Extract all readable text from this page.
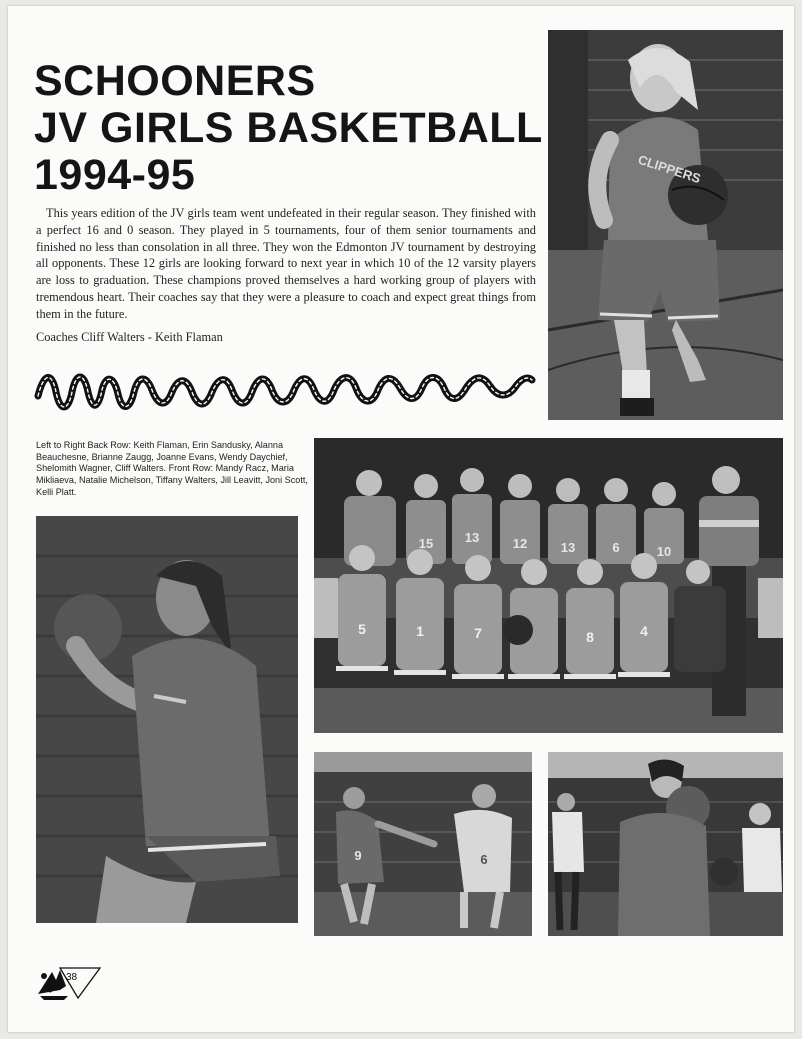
SCHOONERS
JV GIRLS BASKETBALL
1994-95

This years edition of the JV girls team went undefeated in their regular season. They finished with a perfect 16 and 0 season. They played in 5 tournaments, four of them senior tournaments and finished no less than consolation in all three. They won the Edmonton JV tournament by destroying all opponents. These 12 girls are looking forward to next year in which 10 of the 12 varsity players are loss to graduation. These champions proved themselves a hard working group of players with tremendous heart. Their coaches say that they were a pleasure to coach and expect great things from them in the future.

Coaches Cliff Walters - Keith Flaman

Left to Right Back Row: Keith Flaman, Erin Sandusky, Alanna Beauchesne, Brianne Zaugg, Joanne Evans, Wendy Daychief, Shelomith Wagner, Cliff Walters. Front Row: Mandy Racz, Maria Mikliaeva, Natalie Michelson, Tiffany Walters, Jill Leavitt, Joni Scott, Kelli Platt.

CLIPPERS
15 13	12	13	6	10
5	1	7	8	4
9	6
38
